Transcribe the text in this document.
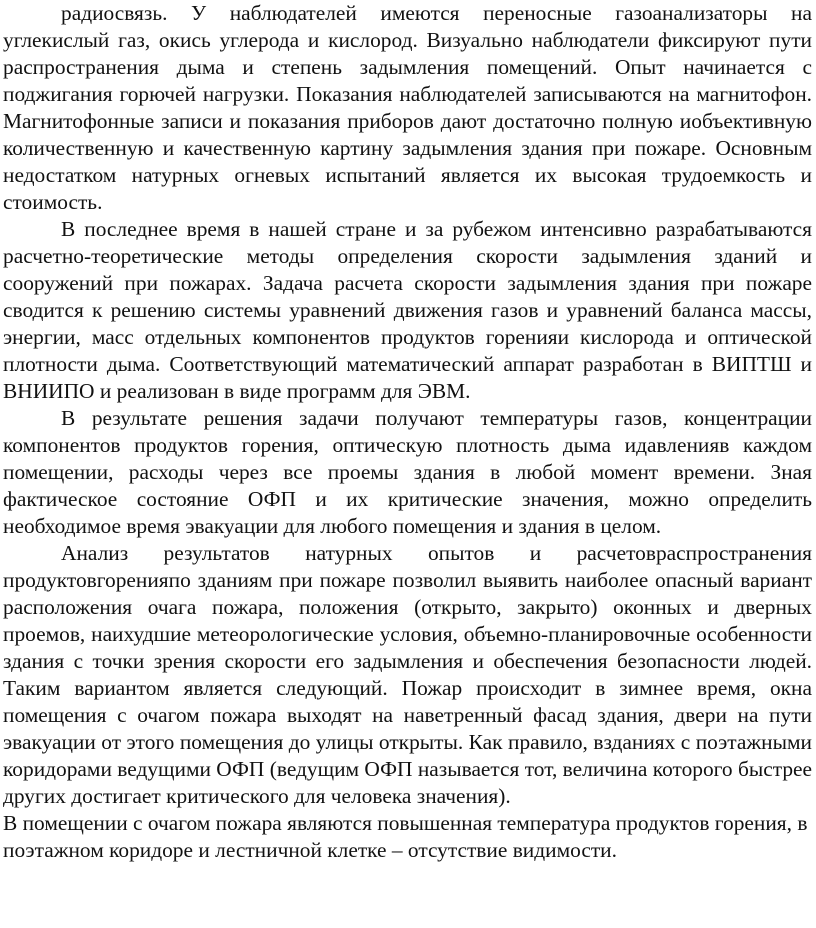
радиосвязь. У наблюдателей имеются переносные газоанализаторы на углекислый газ, окись углерода и кислород. Визуально наблюдатели фиксируют пути распространения дыма и степень задымления помещений. Опыт начинается с поджигания горючей нагрузки. Показания наблюдателей записываются на магнитофон. Магнитофонные записи и показания приборов дают достаточно полную иобъективную количественную и качественную картину задымления здания при пожаре. Основным недостатком натурных огневых испытаний является их высокая трудоемкость и стоимость.

В последнее время в нашей стране и за рубежом интенсивно разрабатываются расчетно-теоретические методы определения скорости задымления зданий и сооружений при пожарах. Задача расчета скорости задымления здания при пожаре сводится к решению системы уравнений движения газов и уравнений баланса массы, энергии, масс отдельных компонентов продуктов горенияи кислорода и оптической плотности дыма. Соответствующий математический аппарат разработан в ВИПТШ и ВНИИПО и реализован в виде программ для ЭВМ.

В результате решения задачи получают температуры газов, концентрации компонентов продуктов горения, оптическую плотность дыма идавленияв каждом помещении, расходы через все проемы здания в любой момент времени. Зная фактическое состояние ОФП и их критические значения, можно определить необходимое время эвакуации для любого помещения и здания в целом.

Анализ результатов натурных опытов и расчетовраспространения продуктовгоренияпо зданиям при пожаре позволил выявить наиболее опасный вариант расположения очага пожара, положения (открыто, закрыто) оконных и дверных проемов, наихудшие метеорологические условия, объемно-планировочные особенности здания с точки зрения скорости его задымления и обеспечения безопасности людей. Таким вариантом является следующий. Пожар происходит в зимнее время, окна помещения с очагом пожара выходят на наветренный фасад здания, двери на пути эвакуации от этого помещения до улицы открыты. Как правило, взданиях с поэтажными коридорами ведущими ОФП (ведущим ОФП называется тот, величина которого быстрее других достигает критического для человека значения).

В помещении с очагом пожара являются повышенная температура продуктов горения, в поэтажном коридоре и лестничной клетке – отсутствие видимости.
